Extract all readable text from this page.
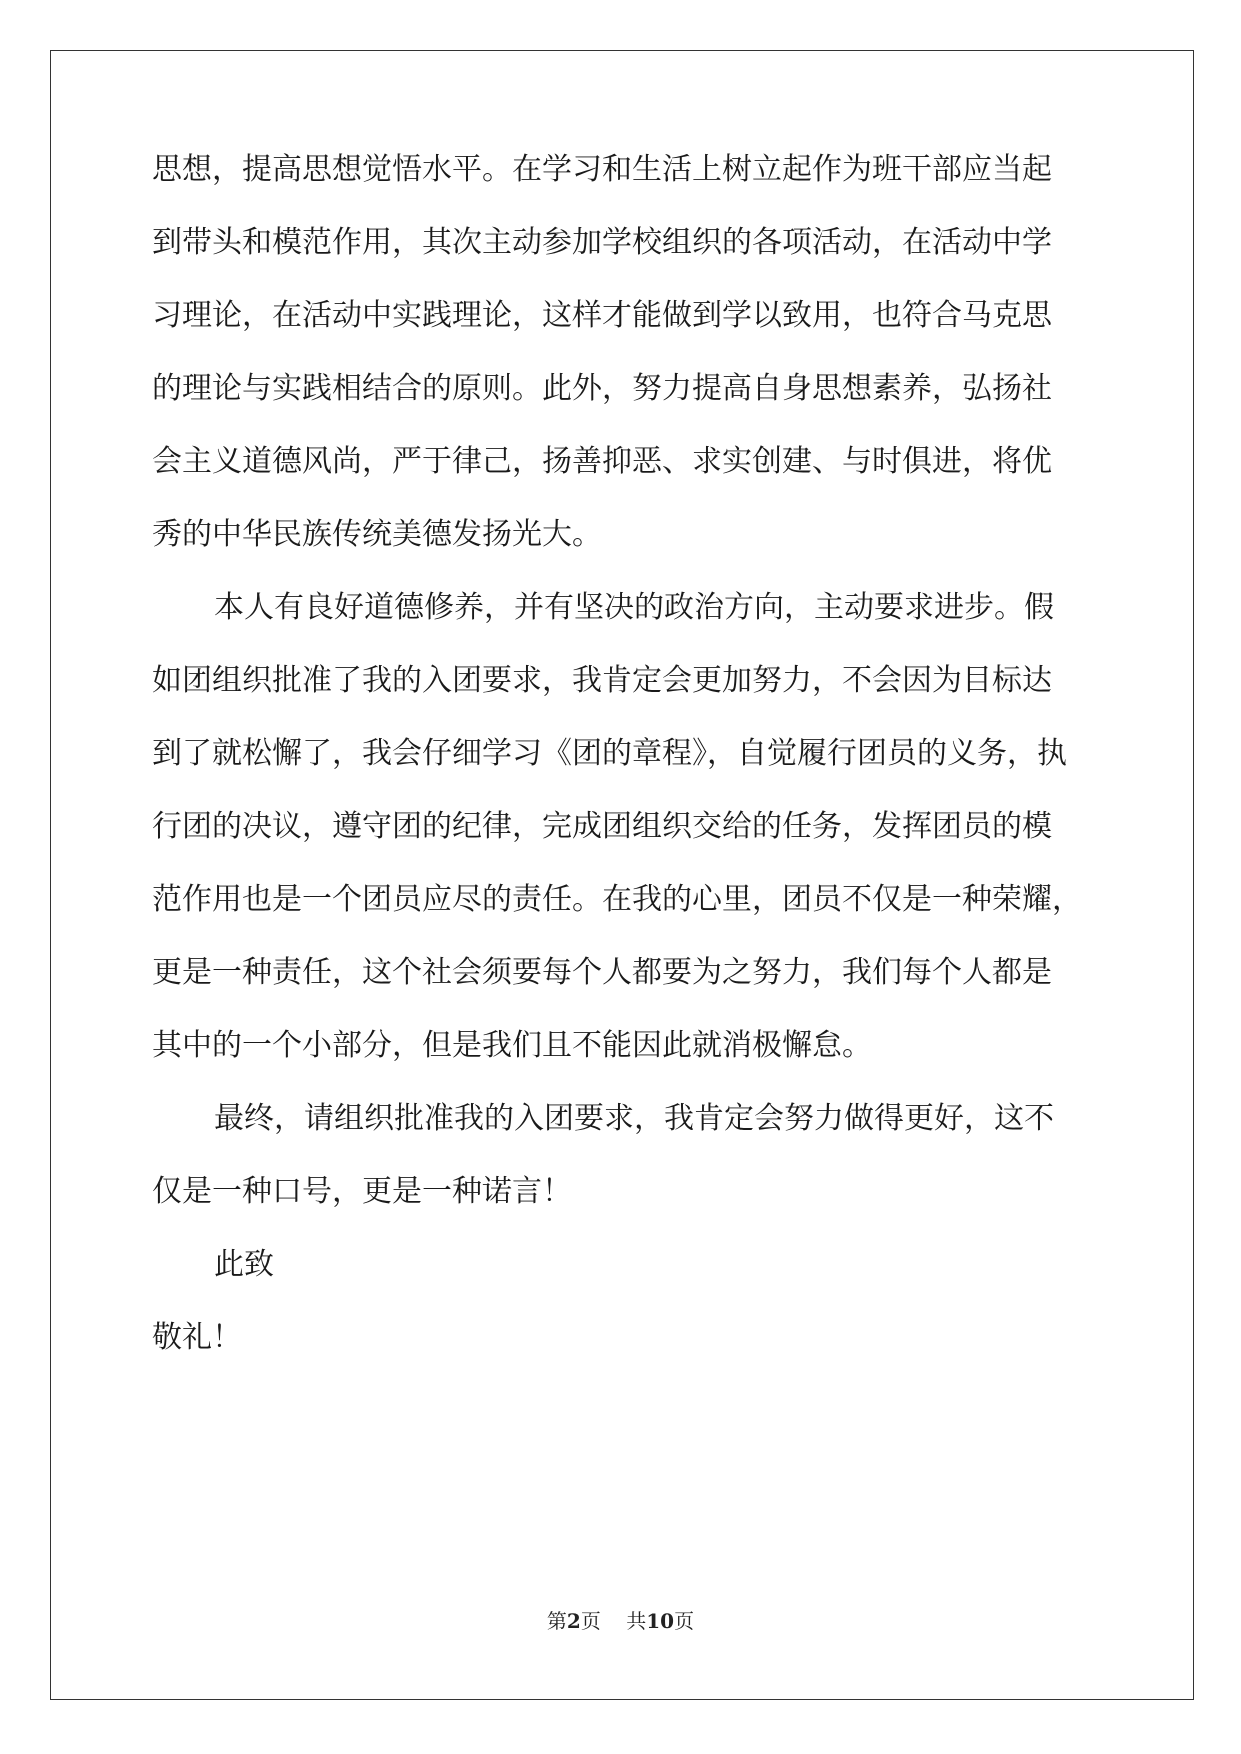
思想，提高思想觉悟水平。在学习和生活上树立起作为班干部应当起
到带头和模范作用，其次主动参加学校组织的各项活动，在活动中学
习理论，在活动中实践理论，这样才能做到学以致用，也符合马克思
的理论与实践相结合的原则。此外，努力提高自身思想素养，弘扬社
会主义道德风尚，严于律己，扬善抑恶、求实创建、与时俱进，将优
秀的中华民族传统美德发扬光大。
本人有良好道德修养，并有坚决的政治方向，主动要求进步。假
如团组织批准了我的入团要求，我肯定会更加努力，不会因为目标达
到了就松懈了，我会仔细学习《团的章程》，自觉履行团员的义务，执
行团的决议，遵守团的纪律，完成团组织交给的任务，发挥团员的模
范作用也是一个团员应尽的责任。在我的心里，团员不仅是一种荣耀，
更是一种责任，这个社会须要每个人都要为之努力，我们每个人都是
其中的一个小部分，但是我们且不能因此就消极懈怠。
最终，请组织批准我的入团要求，我肯定会努力做得更好，这不
仅是一种口号，更是一种诺言！
此致
敬礼！
第2页 共10页
